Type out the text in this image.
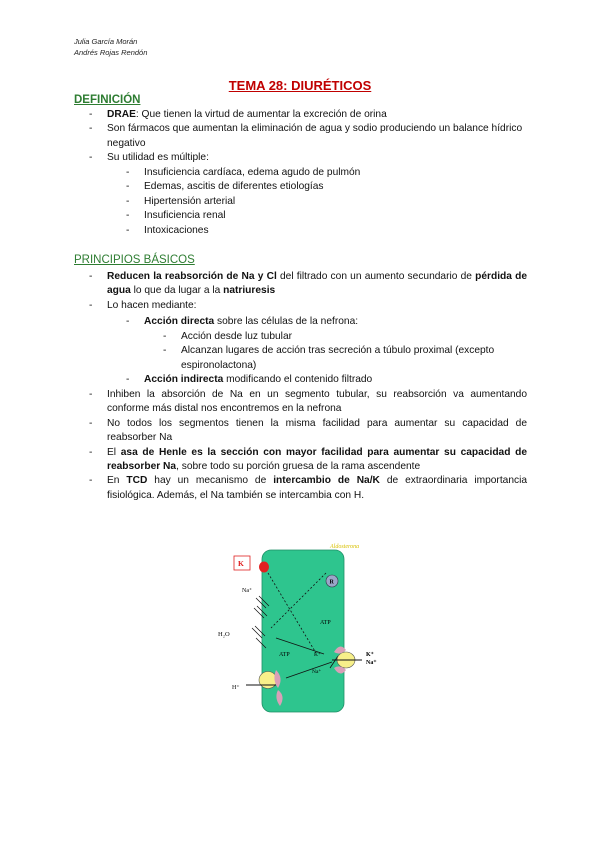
Julia García Morán
Andrés Rojas Rendón
TEMA 28: DIURÉTICOS
DEFINICIÓN
- DRAE: Que tienen la virtud de aumentar la excreción de orina
- Son fármacos que aumentan la eliminación de agua y sodio produciendo un balance hídrico negativo
- Su utilidad es múltiple:
- Insuficiencia cardíaca, edema agudo de pulmón
- Edemas, ascitis de diferentes etiologías
- Hipertensión arterial
- Insuficiencia renal
- Intoxicaciones
PRINCIPIOS BÁSICOS
- Reducen la reabsorción de Na y Cl del filtrado con un aumento secundario de pérdida de agua lo que da lugar a la natriuresis
- Lo hacen mediante:
- Acción directa sobre las células de la nefrona:
- Acción desde luz tubular
- Alcanzan lugares de acción tras secreción a túbulo proximal (excepto espironolactona)
- Acción indirecta modificando el contenido filtrado
- Inhiben la absorción de Na en un segmento tubular, su reabsorción va aumentando conforme más distal nos encontremos en la nefrona
- No todos los segmentos tienen la misma facilidad para aumentar su capacidad de reabsorber Na
- El asa de Henle es la sección con mayor facilidad para aumentar su capacidad de reabsorber Na, sobre todo su porción gruesa de la rama ascendente
- En TCD hay un mecanismo de intercambio de Na/K de extraordinaria importancia fisiológica. Además, el Na también se intercambia con H.
Aldosterona
R
K
Na⁺
H₂O
ATP
ATP	K⁺
Na⁺
K⁺
Na⁺
H⁺
